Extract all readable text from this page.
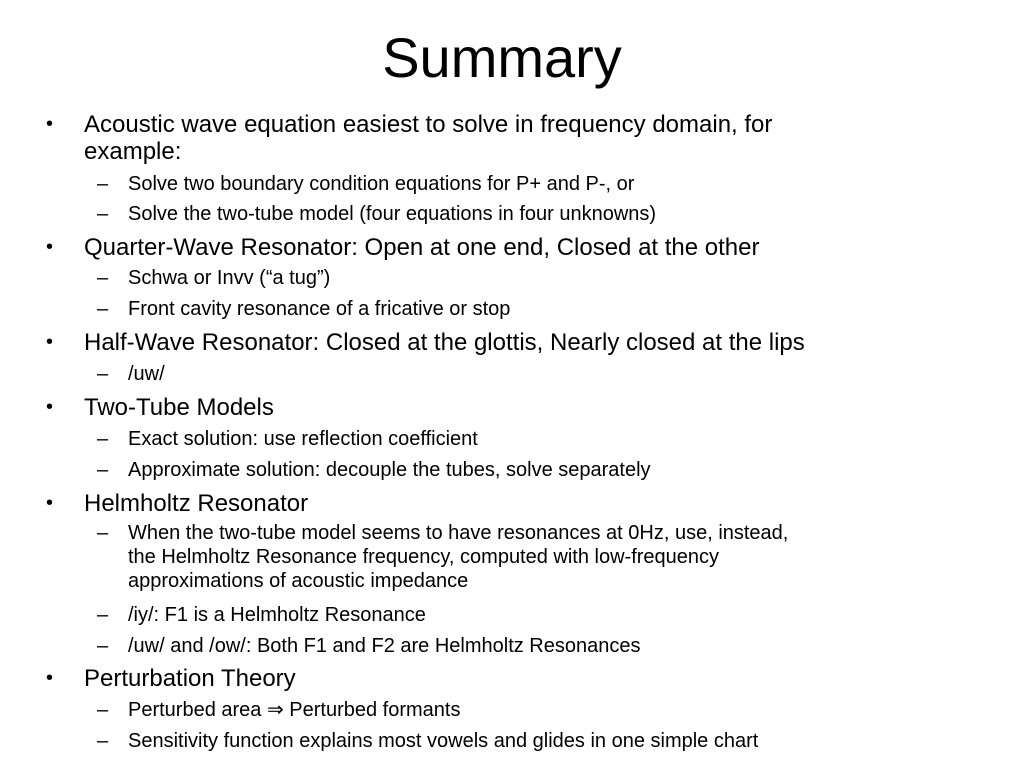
Summary
• Acoustic wave equation easiest to solve in frequency domain, for
example:
– Solve two boundary condition equations for P+ and P-, or
– Solve the two-tube model (four equations in four unknowns)
• Quarter-Wave Resonator: Open at one end, Closed at the other
– Schwa or Invv (“a tug”)
– Front cavity resonance of a fricative or stop
• Half-Wave Resonator: Closed at the glottis, Nearly closed at the lips
– /uw/
• Two-Tube Models
– Exact solution: use reflection coefficient
– Approximate solution: decouple the tubes, solve separately
• Helmholtz Resonator
– When the two-tube model seems to have resonances at 0Hz, use, instead,
the Helmholtz Resonance frequency, computed with low-frequency
approximations of acoustic impedance
– /iy/: F1 is a Helmholtz Resonance
– /uw/ and /ow/: Both F1 and F2 are Helmholtz Resonances
• Perturbation Theory
– Perturbed area ⇒ Perturbed formants
– Sensitivity function explains most vowels and glides in one simple chart
